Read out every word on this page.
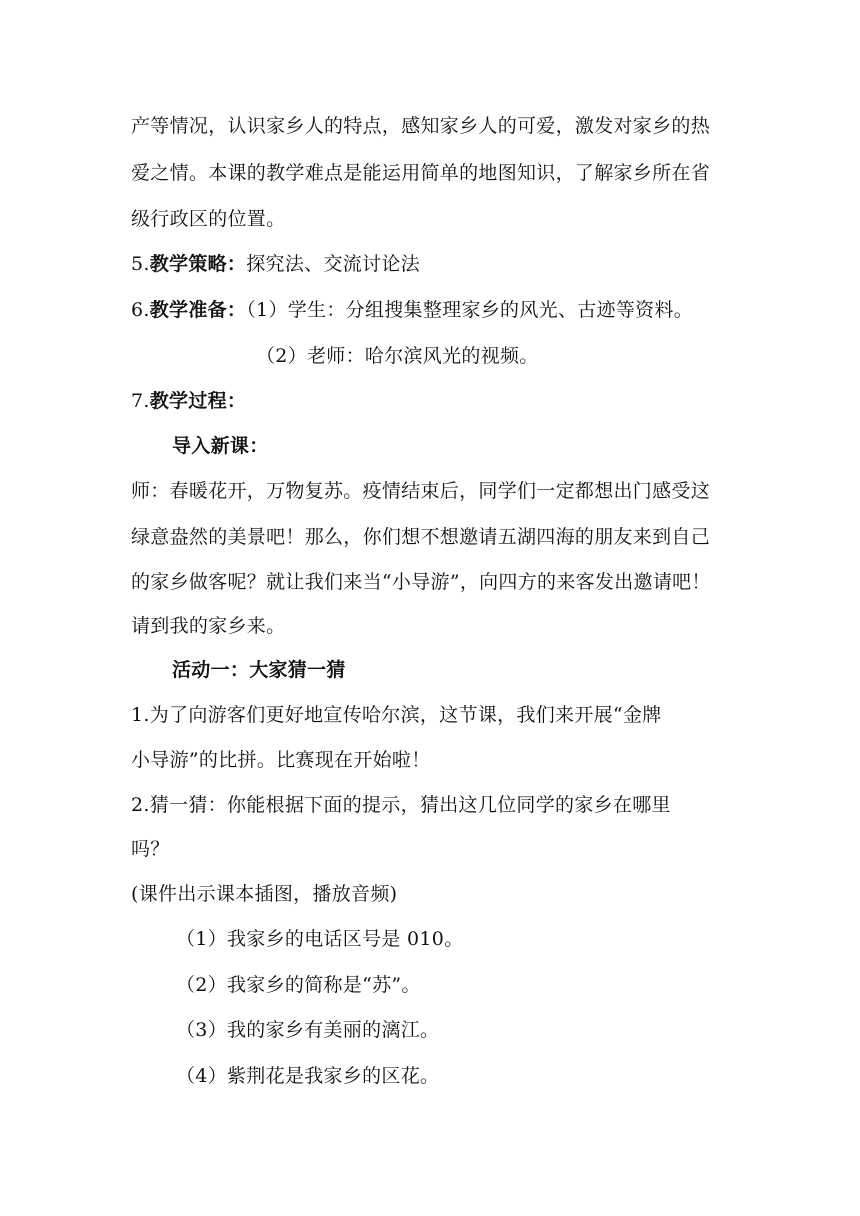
产等情况，认识家乡人的特点，感知家乡人的可爱，激发对家乡的热
爱之情。本课的教学难点是能运用简单的地图知识，了解家乡所在省
级行政区的位置。
5.教学策略：探究法、交流讨论法
6.教学准备：（1）学生：分组搜集整理家乡的风光、古迹等资料。
（2）老师：哈尔滨风光的视频。
7.教学过程：
导入新课：
师：春暖花开，万物复苏。疫情结束后，同学们一定都想出门感受这
绿意盎然的美景吧！那么，你们想不想邀请五湖四海的朋友来到自己
的家乡做客呢？就让我们来当“小导游”，向四方的来客发出邀请吧！
请到我的家乡来。
活动一：大家猜一猜
1.为了向游客们更好地宣传哈尔滨，这节课，我们来开展“金牌
小导游”的比拼。比赛现在开始啦！
2.猜一猜：你能根据下面的提示，猜出这几位同学的家乡在哪里
吗？
(课件出示课本插图，播放音频)
（1）我家乡的电话区号是 010。
（2）我家乡的简称是“苏”。
（3）我的家乡有美丽的漓江。
（4）紫荆花是我家乡的区花。
